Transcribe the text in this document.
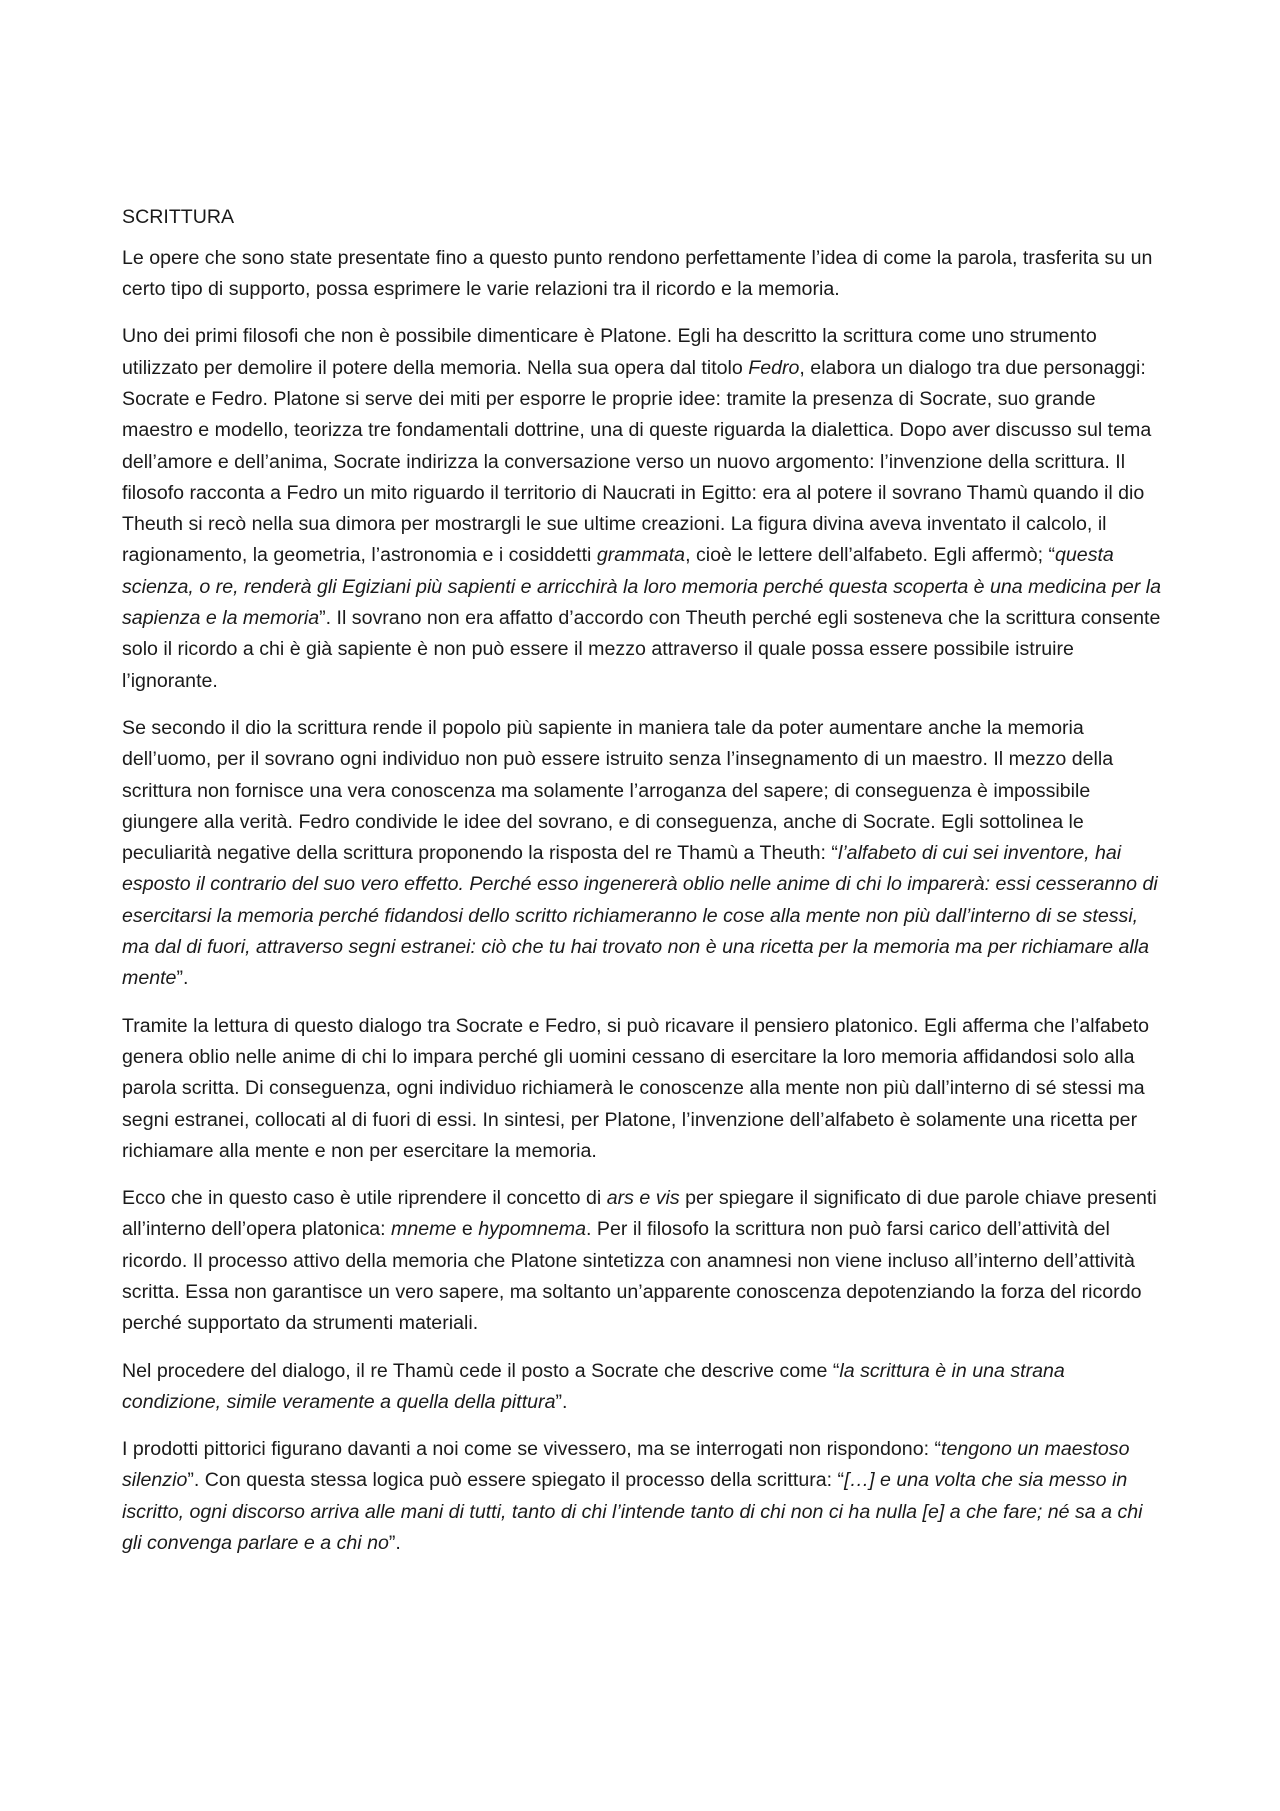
SCRITTURA

Le opere che sono state presentate fino a questo punto rendono perfettamente l’idea di come la parola, trasferita su un certo tipo di supporto, possa esprimere le varie relazioni tra il ricordo e la memoria.

Uno dei primi filosofi che non è possibile dimenticare è Platone. Egli ha descritto la scrittura come uno strumento utilizzato per demolire il potere della memoria. Nella sua opera dal titolo Fedro, elabora un dialogo tra due personaggi: Socrate e Fedro. Platone si serve dei miti per esporre le proprie idee: tramite la presenza di Socrate, suo grande maestro e modello, teorizza tre fondamentali dottrine, una di queste riguarda la dialettica. Dopo aver discusso sul tema dell’amore e dell’anima, Socrate indirizza la conversazione verso un nuovo argomento: l’invenzione della scrittura. Il filosofo racconta a Fedro un mito riguardo il territorio di Naucrati in Egitto: era al potere il sovrano Thamù quando il dio Theuth si recò nella sua dimora per mostrargli le sue ultime creazioni. La figura divina aveva inventato il calcolo, il ragionamento, la geometria, l’astronomia e i cosiddetti grammata, cioè le lettere dell’alfabeto. Egli affermò; “questa scienza, o re, renderà gli Egiziani più sapienti e arricchirà la loro memoria perché questa scoperta è una medicina per la sapienza e la memoria”. Il sovrano non era affatto d’accordo con Theuth perché egli sosteneva che la scrittura consente solo il ricordo a chi è già sapiente è non può essere il mezzo attraverso il quale possa essere possibile istruire l’ignorante.

Se secondo il dio la scrittura rende il popolo più sapiente in maniera tale da poter aumentare anche la memoria dell’uomo, per il sovrano ogni individuo non può essere istruito senza l’insegnamento di un maestro. Il mezzo della scrittura non fornisce una vera conoscenza ma solamente l’arroganza del sapere; di conseguenza è impossibile giungere alla verità. Fedro condivide le idee del sovrano, e di conseguenza, anche di Socrate. Egli sottolinea le peculiarità negative della scrittura proponendo la risposta del re Thamù a Theuth: “l’alfabeto di cui sei inventore, hai esposto il contrario del suo vero effetto. Perché esso ingenererà oblio nelle anime di chi lo imparerà: essi cesseranno di esercitarsi la memoria perché fidandosi dello scritto richiameranno le cose alla mente non più dall’interno di se stessi, ma dal di fuori, attraverso segni estranei: ciò che tu hai trovato non è una ricetta per la memoria ma per richiamare alla mente”.

Tramite la lettura di questo dialogo tra Socrate e Fedro, si può ricavare il pensiero platonico. Egli afferma che l’alfabeto genera oblio nelle anime di chi lo impara perché gli uomini cessano di esercitare la loro memoria affidandosi solo alla parola scritta. Di conseguenza, ogni individuo richiamerà le conoscenze alla mente non più dall’interno di sé stessi ma segni estranei, collocati al di fuori di essi. In sintesi, per Platone, l’invenzione dell’alfabeto è solamente una ricetta per richiamare alla mente e non per esercitare la memoria.

Ecco che in questo caso è utile riprendere il concetto di ars e vis per spiegare il significato di due parole chiave presenti all’interno dell’opera platonica: mneme e hypomnema. Per il filosofo la scrittura non può farsi carico dell’attività del ricordo. Il processo attivo della memoria che Platone sintetizza con anamnesi non viene incluso all’interno dell’attività scritta. Essa non garantisce un vero sapere, ma soltanto un’apparente conoscenza depotenziando la forza del ricordo perché supportato da strumenti materiali.

Nel procedere del dialogo, il re Thamù cede il posto a Socrate che descrive come “la scrittura è in una strana condizione, simile veramente a quella della pittura”.

I prodotti pittorici figurano davanti a noi come se vivessero, ma se interrogati non rispondono: “tengono un maestoso silenzio”. Con questa stessa logica può essere spiegato il processo della scrittura: “[…] e una volta che sia messo in iscritto, ogni discorso arriva alle mani di tutti, tanto di chi l’intende tanto di chi non ci ha nulla [e] a che fare; né sa a chi gli convenga parlare e a chi no”.
